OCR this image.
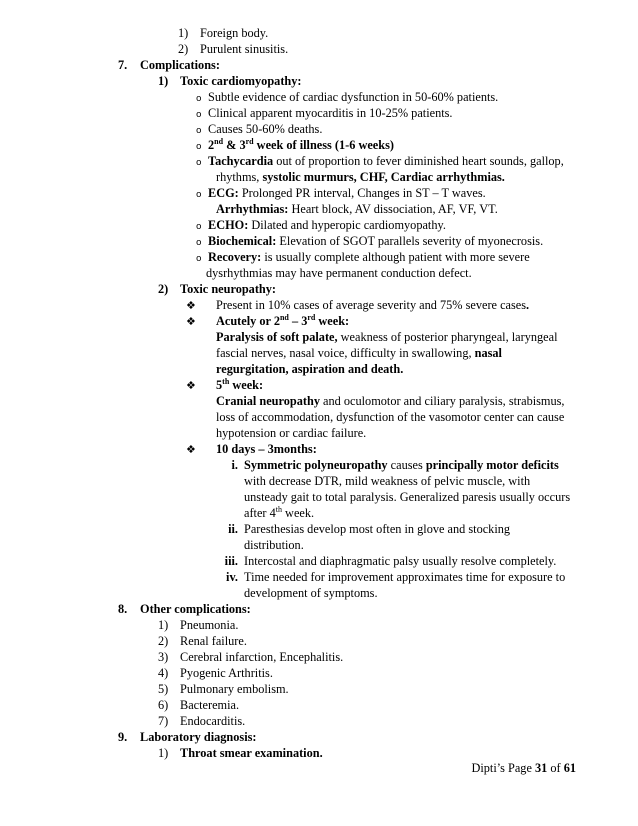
1) Foreign body.
2) Purulent sinusitis.
7. Complications:
1) Toxic cardiomyopathy:
o Subtle evidence of cardiac dysfunction in 50-60% patients.
o Clinical apparent myocarditis in 10-25% patients.
o Causes 50-60% deaths.
o 2nd & 3rd week of illness (1-6 weeks)
o Tachycardia out of proportion to fever diminished heart sounds, gallop,
rhythms, systolic murmurs, CHF, Cardiac arrhythmias.
o ECG: Prolonged PR interval, Changes in ST – T waves.
Arrhythmias: Heart block, AV dissociation, AF, VF, VT.
o ECHO: Dilated and hyperopic cardiomyopathy.
o Biochemical: Elevation of SGOT parallels severity of myonecrosis.
o Recovery: is usually complete although patient with more severe
dysrhythmias may have permanent conduction defect.
2) Toxic neuropathy:
❖ Present in 10% cases of average severity and 75% severe cases.
❖ Acutely or 2nd – 3rd week:
Paralysis of soft palate, weakness of posterior pharyngeal, laryngeal
fascial nerves, nasal voice, difficulty in swallowing, nasal
regurgitation, aspiration and death.
❖ 5th week:
Cranial neuropathy and oculomotor and ciliary paralysis, strabismus,
loss of accommodation, dysfunction of the vasomotor center can cause
hypotension or cardiac failure.
❖ 10 days – 3months:
i. Symmetric polyneuropathy causes principally motor deficits
with decrease DTR, mild weakness of pelvic muscle, with
unsteady gait to total paralysis. Generalized paresis usually occurs
after 4th week.
ii. Paresthesias develop most often in glove and stocking
distribution.
iii. Intercostal and diaphragmatic palsy usually resolve completely.
iv. Time needed for improvement approximates time for exposure to
development of symptoms.
8. Other complications:
1) Pneumonia.
2) Renal failure.
3) Cerebral infarction, Encephalitis.
4) Pyogenic Arthritis.
5) Pulmonary embolism.
6) Bacteremia.
7) Endocarditis.
9. Laboratory diagnosis:
1) Throat smear examination.
Dipti’s Page 31 of 61
